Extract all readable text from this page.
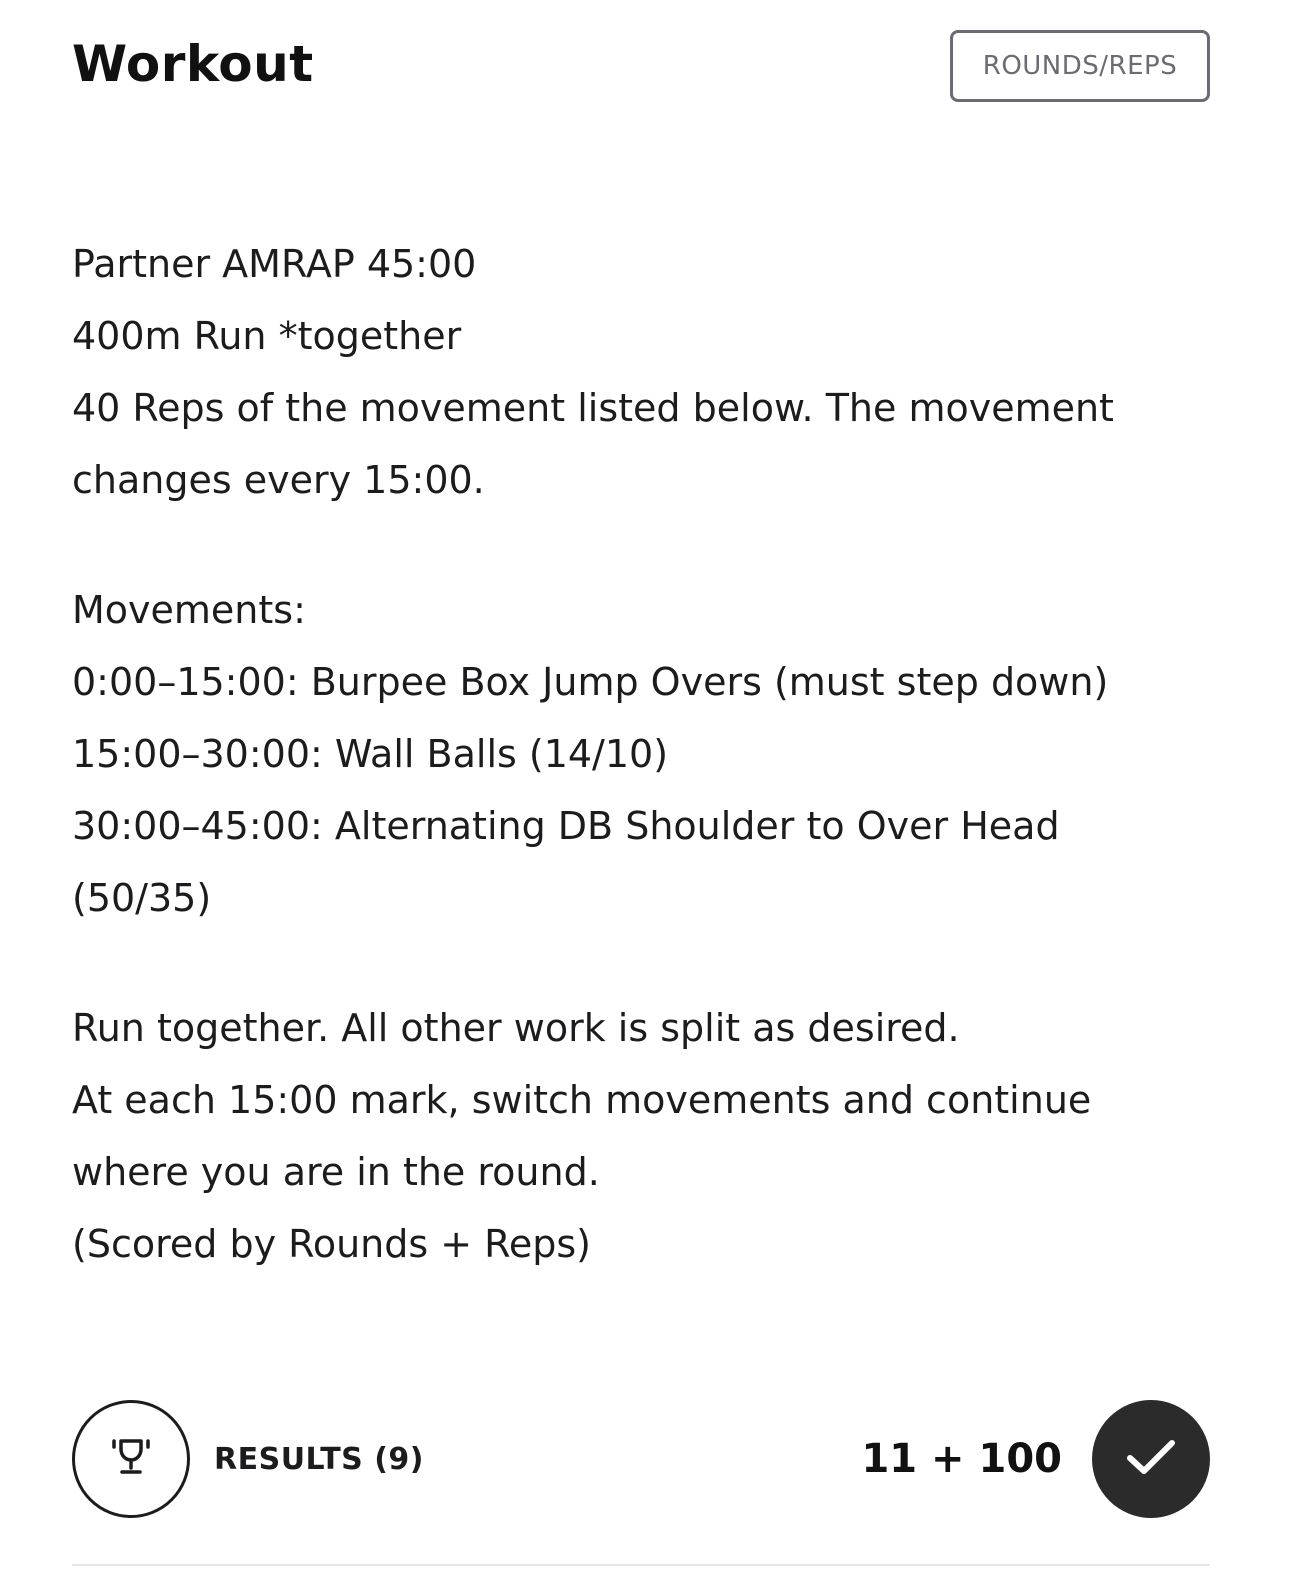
Workout	ROUNDS/REPS

Partner AMRAP 45:00

400m Run *together

40 Reps of the movement listed below. The movement changes every 15:00.

Movements:

0:00–15:00: Burpee Box Jump Overs (must step down)

15:00–30:00: Wall Balls (14/10)

30:00–45:00: Alternating DB Shoulder to Over Head (50/35)

Run together. All other work is split as desired.

At each 15:00 mark, switch movements and continue where you are in the round.

(Scored by Rounds + Reps)

RESULTS (9)	11 + 100
